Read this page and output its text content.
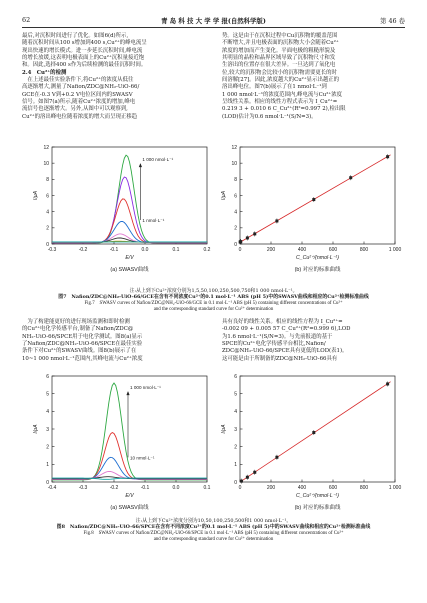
62	青 岛 科 技 大 学 学 报(自然科学版)	第 46 卷

最后,对沉积时间进行了优化。如图6(d)所示,

随着沉积时间从100 s增加到400 s,Cu²⁺的峰电流呈

现出快速的增长模式。进一步延长沉积时间,峰电流

的增长放缓,这表明电极表面上的Cu²⁺沉积量接近饱

和。因此,选择400 s作为后续检测的最佳沉积时间。

2.4　Cu²⁺的检测

　在上述最佳实验条件下,将Cu²⁺的浓度从低往

高逐渐增大,测量了Nafion/ZDC@NH₂-UiO-66/

GCE在-0.3 V到+0.2 V电位区间内的SWASV

信号。如图7(a)所示,随着Cu²⁺浓度的增加,峰电

流信号也逐渐增大。另外,从图中可以观察到,

Cu²⁺的溶出峰电位随着浓度的增大而呈现正移趋

势。这是由于在沉积过程中Cu沉积物的覆盖范围

不断增大,并且电极表面的沉积物大小会随着Cu²⁺

浓度的增加而产生变化。平面电极的粗糙形貌及

其明显的晶粒和晶界区域导致了沉积物尺寸和发

生溶出的位置存在很大差异。一旦达到了氧化电

位,较大的沉积物会比较小的沉积物需要更长的时

间溶解[27]。因此,浓度越大的Cu²⁺显示出越正的

溶出峰电位。图7(b)展示了在1 nmol·L⁻¹到

1 000 nmol·L⁻¹的浓度范围内,峰电流与Cu²⁺浓度

呈线性关系。相应的线性方程式表示为 I_Cu²⁺=

0.219 3 + 0.010 6 C_Cu²⁺(R²=0.997 2),检出限

(LOD)估计为0.6 nmol·L⁻¹(S/N=3)。

-0.3	-0.2	-0.1	0.0	0.1	0.2
0
2
4
6
8
10
12
E/V
I/μA
(a) SWASV曲线
1 000 nmol·L⁻¹
1 nmol·L⁻¹
0	200	400	600	800	1 000
0
2
4
6
8
10
12
C_Cu²⁺/(nmol·L⁻¹)
I/μA
(b) 对应的标准曲线
注:从上到下Cu²⁺浓度分别为1,5,50,100,250,500,750和1 000 nmol·L⁻¹。
图7　Nafion/ZDC@NH₂-UiO-66/GCE在含有不同浓度Cu²⁺的0.1 mol·L⁻¹ ABS (pH 5)中的SWASV曲线和相应的Cu²⁺检测标准曲线
Fig.7　SWASV curves of Nafion/ZDC@NH₂-UiO-66/GCE in 0.1 mol·L⁻¹ ABS (pH 5) containing different concentrations of Cu²⁺
and the corresponding standard curve for Cu²⁺ determination

　为了构建能更好的进行现场监测和即时检测

的Cu²⁺电化学传感平台,制备了Nafion/ZDC@

NH₂-UiO-66/SPCE用于电化学测试。图8(a)显示

了Nafion/ZDC@NH₂-UiO-66/SPCE在最佳实验

条件下对Cu²⁺的SWASV曲线。图8(b)展示了在

10~1 000 nmol·L⁻¹范围内,其峰电流与Cu²⁺浓度

具有良好的线性关系。相应的线性方程为 I_Cu²⁺=

-0.002 09 + 0.005 57 C_Cu²⁺(R²=0.999 6),LOD

为1.6 nmol·L⁻¹(S/N=3)。与先前报道的基于

SPCE的Cu²⁺电化学传感平台相比,Nafion/

ZDC@NH₂-UiO-66/SPCE具有更低的LOD(表1)。

这可能是由于所制备的ZDC@NH₂-UiO-66具有

-0.4	-0.3	-0.2	-0.1	0.0	0.1
0
1
2
3
4
5
6
E/V
I/μA
(a) SWASV曲线
1 000 nmol·L⁻¹
10 nmol·L⁻¹
0	200	400	600	800	1 000
0
1
2
3
4
5
6
C_Cu²⁺/(nmol·L⁻¹)
I/μA
(b) 对应的标准曲线
注:从上到下Cu²⁺浓度分别为10,50,100,250,500和1 000 nmol·L⁻¹。
图8　Nafion/ZDC@NH₂-UiO-66/SPCE在含有不同浓度Cu²⁺的0.1 mol·L⁻¹ ABS (pH 5)中的SWASV曲线和相应的Cu²⁺检测标准曲线
Fig.8　SWASV curves of Nafion/ZDC@NH₂-UiO-66/SPCE in 0.1 mol·L⁻¹ ABS (pH 5) containing different concentrations of Cu²⁺
and the corresponding standard curve for Cu²⁺ determination
